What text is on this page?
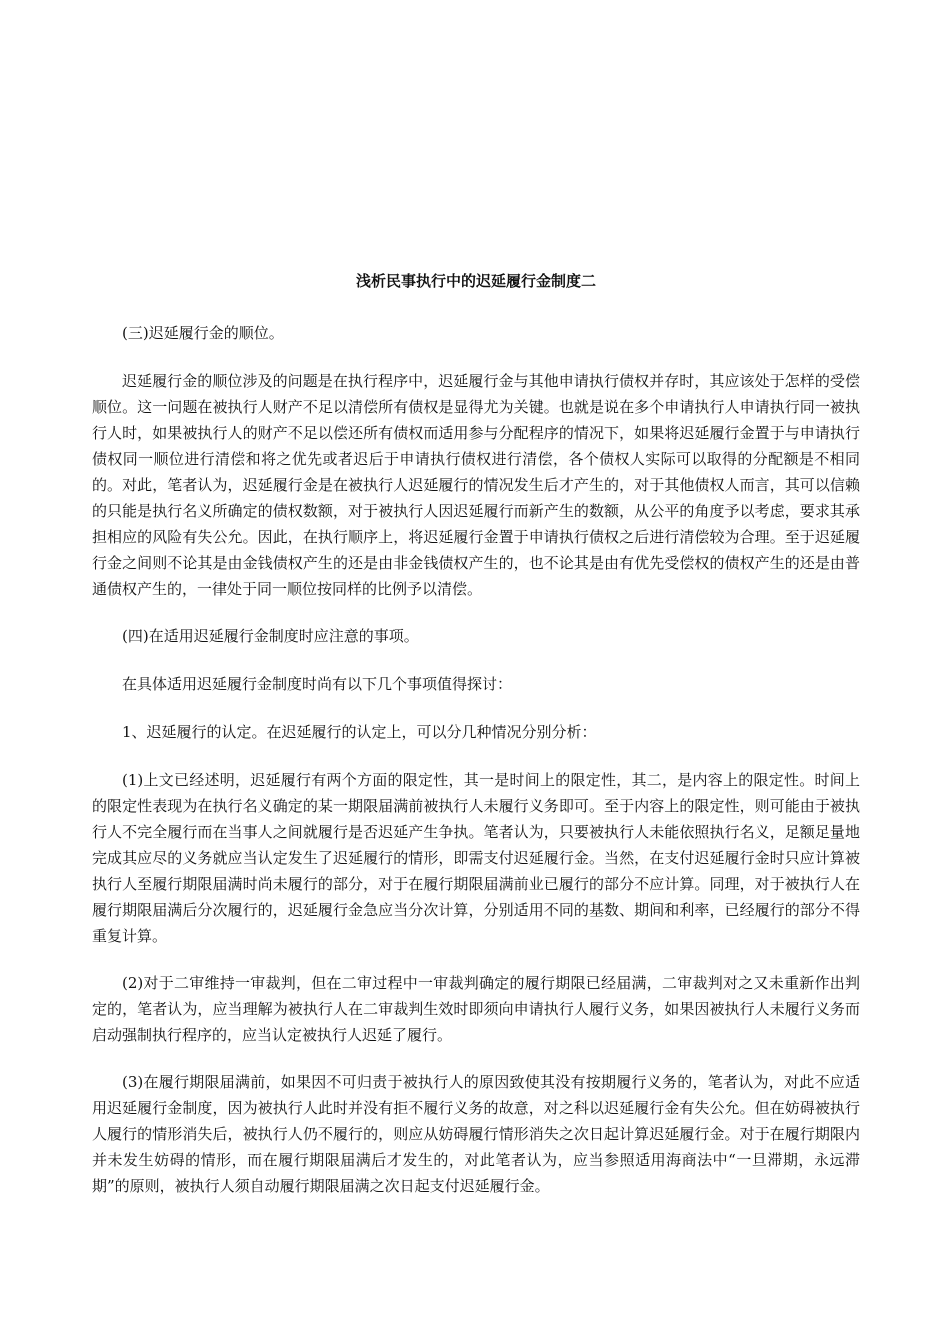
浅析民事执行中的迟延履行金制度二

(三)迟延履行金的顺位。

迟延履行金的顺位涉及的问题是在执行程序中，迟延履行金与其他申请执行债权并存时，其应该处于怎样的受偿顺位。这一问题在被执行人财产不足以清偿所有债权是显得尤为关键。也就是说在多个申请执行人申请执行同一被执行人时，如果被执行人的财产不足以偿还所有债权而适用参与分配程序的情况下，如果将迟延履行金置于与申请执行债权同一顺位进行清偿和将之优先或者迟后于申请执行债权进行清偿，各个债权人实际可以取得的分配额是不相同的。对此，笔者认为，迟延履行金是在被执行人迟延履行的情况发生后才产生的，对于其他债权人而言，其可以信赖的只能是执行名义所确定的债权数额，对于被执行人因迟延履行而新产生的数额，从公平的角度予以考虑，要求其承担相应的风险有失公允。因此，在执行顺序上，将迟延履行金置于申请执行债权之后进行清偿较为合理。至于迟延履行金之间则不论其是由金钱债权产生的还是由非金钱债权产生的，也不论其是由有优先受偿权的债权产生的还是由普通债权产生的，一律处于同一顺位按同样的比例予以清偿。

(四)在适用迟延履行金制度时应注意的事项。

在具体适用迟延履行金制度时尚有以下几个事项值得探讨：

1、迟延履行的认定。在迟延履行的认定上，可以分几种情况分别分析：

(1)上文已经述明，迟延履行有两个方面的限定性，其一是时间上的限定性，其二，是内容上的限定性。时间上的限定性表现为在执行名义确定的某一期限届满前被执行人未履行义务即可。至于内容上的限定性，则可能由于被执行人不完全履行而在当事人之间就履行是否迟延产生争执。笔者认为，只要被执行人未能依照执行名义，足额足量地完成其应尽的义务就应当认定发生了迟延履行的情形，即需支付迟延履行金。当然，在支付迟延履行金时只应计算被执行人至履行期限届满时尚未履行的部分，对于在履行期限届满前业已履行的部分不应计算。同理，对于被执行人在履行期限届满后分次履行的，迟延履行金急应当分次计算，分别适用不同的基数、期间和利率，已经履行的部分不得重复计算。

(2)对于二审维持一审裁判，但在二审过程中一审裁判确定的履行期限已经届满，二审裁判对之又未重新作出判定的，笔者认为，应当理解为被执行人在二审裁判生效时即须向申请执行人履行义务，如果因被执行人未履行义务而启动强制执行程序的，应当认定被执行人迟延了履行。

(3)在履行期限届满前，如果因不可归责于被执行人的原因致使其没有按期履行义务的，笔者认为，对此不应适用迟延履行金制度，因为被执行人此时并没有拒不履行义务的故意，对之科以迟延履行金有失公允。但在妨碍被执行人履行的情形消失后，被执行人仍不履行的，则应从妨碍履行情形消失之次日起计算迟延履行金。对于在履行期限内并未发生妨碍的情形，而在履行期限届满后才发生的，对此笔者认为，应当参照适用海商法中“一旦滞期，永远滞期”的原则，被执行人须自动履行期限届满之次日起支付迟延履行金。
